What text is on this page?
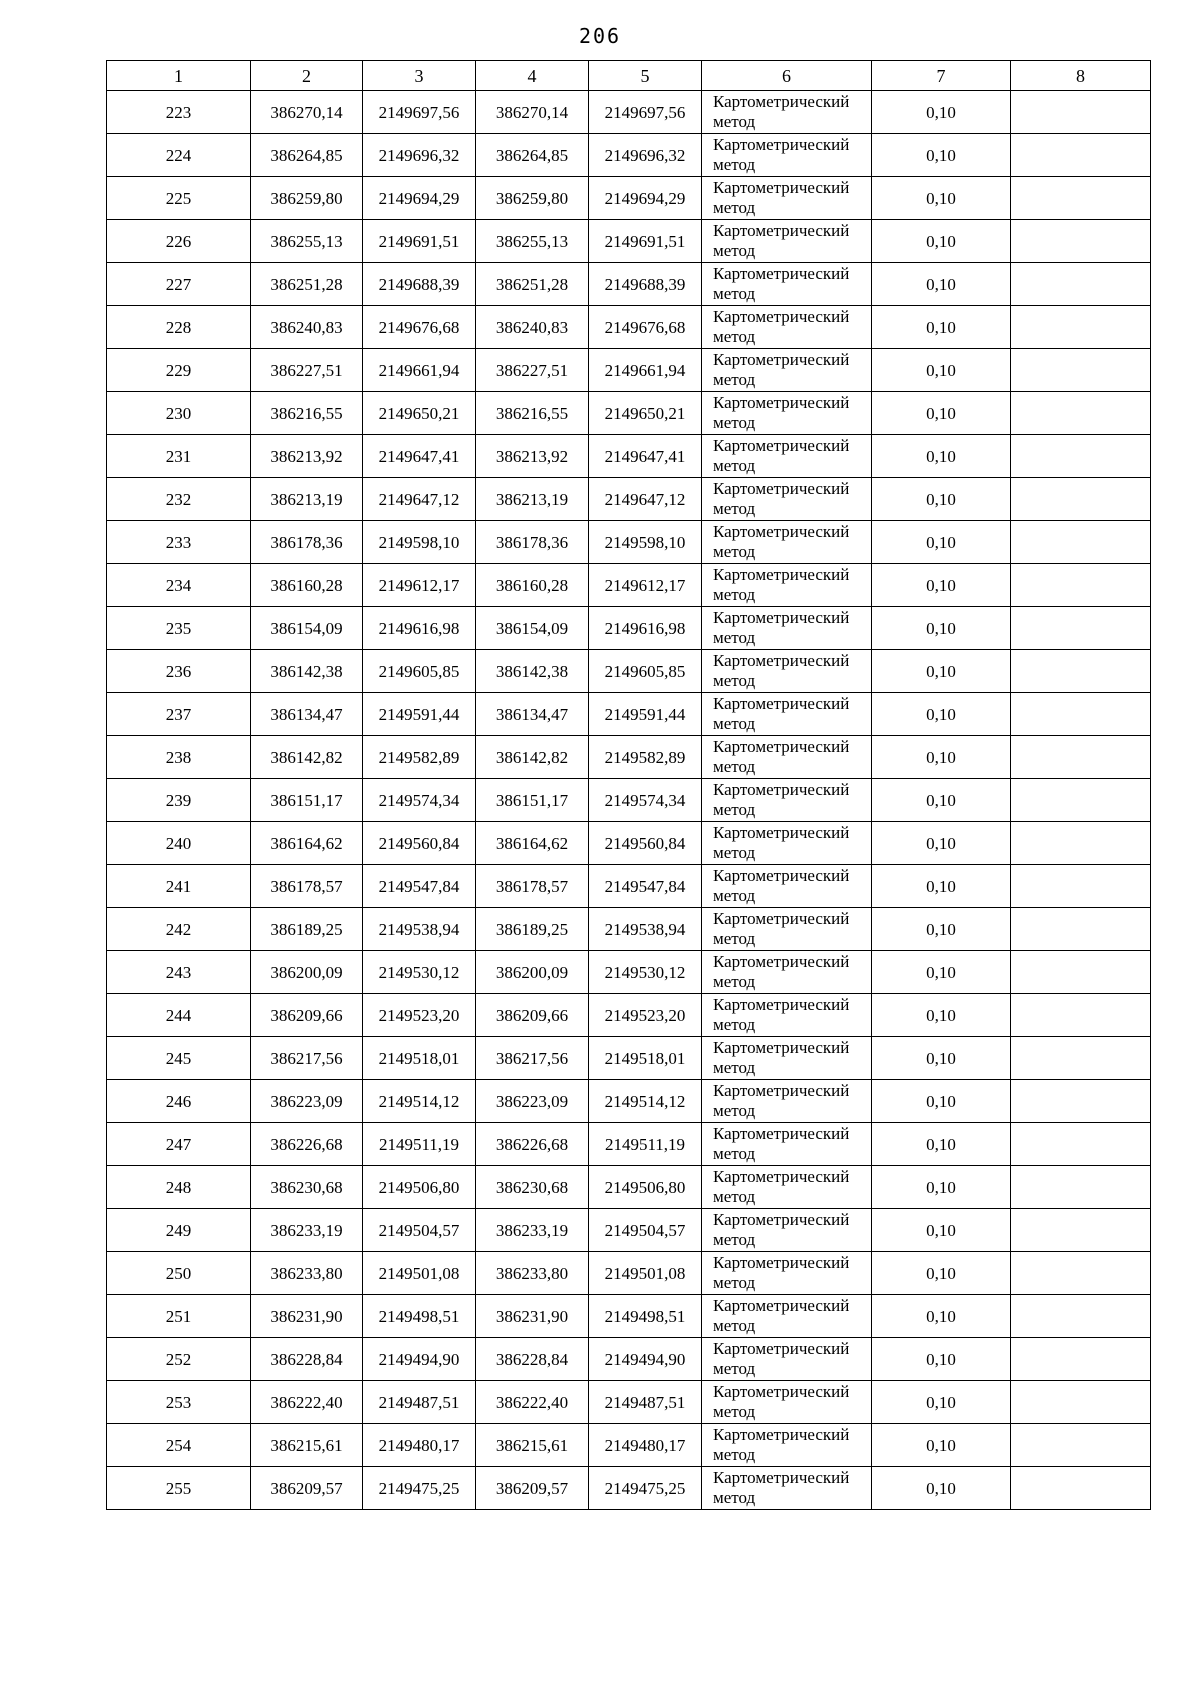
206
1	2	3	4	5	6	7	8
223	386270,14	2149697,56	386270,14	2149697,56	Картометрический метод	0,10	
224	386264,85	2149696,32	386264,85	2149696,32	Картометрический метод	0,10	
225	386259,80	2149694,29	386259,80	2149694,29	Картометрический метод	0,10	
226	386255,13	2149691,51	386255,13	2149691,51	Картометрический метод	0,10	
227	386251,28	2149688,39	386251,28	2149688,39	Картометрический метод	0,10	
228	386240,83	2149676,68	386240,83	2149676,68	Картометрический метод	0,10	
229	386227,51	2149661,94	386227,51	2149661,94	Картометрический метод	0,10	
230	386216,55	2149650,21	386216,55	2149650,21	Картометрический метод	0,10	
231	386213,92	2149647,41	386213,92	2149647,41	Картометрический метод	0,10	
232	386213,19	2149647,12	386213,19	2149647,12	Картометрический метод	0,10	
233	386178,36	2149598,10	386178,36	2149598,10	Картометрический метод	0,10	
234	386160,28	2149612,17	386160,28	2149612,17	Картометрический метод	0,10	
235	386154,09	2149616,98	386154,09	2149616,98	Картометрический метод	0,10	
236	386142,38	2149605,85	386142,38	2149605,85	Картометрический метод	0,10	
237	386134,47	2149591,44	386134,47	2149591,44	Картометрический метод	0,10	
238	386142,82	2149582,89	386142,82	2149582,89	Картометрический метод	0,10	
239	386151,17	2149574,34	386151,17	2149574,34	Картометрический метод	0,10	
240	386164,62	2149560,84	386164,62	2149560,84	Картометрический метод	0,10	
241	386178,57	2149547,84	386178,57	2149547,84	Картометрический метод	0,10	
242	386189,25	2149538,94	386189,25	2149538,94	Картометрический метод	0,10	
243	386200,09	2149530,12	386200,09	2149530,12	Картометрический метод	0,10	
244	386209,66	2149523,20	386209,66	2149523,20	Картометрический метод	0,10	
245	386217,56	2149518,01	386217,56	2149518,01	Картометрический метод	0,10	
246	386223,09	2149514,12	386223,09	2149514,12	Картометрический метод	0,10	
247	386226,68	2149511,19	386226,68	2149511,19	Картометрический метод	0,10	
248	386230,68	2149506,80	386230,68	2149506,80	Картометрический метод	0,10	
249	386233,19	2149504,57	386233,19	2149504,57	Картометрический метод	0,10	
250	386233,80	2149501,08	386233,80	2149501,08	Картометрический метод	0,10	
251	386231,90	2149498,51	386231,90	2149498,51	Картометрический метод	0,10	
252	386228,84	2149494,90	386228,84	2149494,90	Картометрический метод	0,10	
253	386222,40	2149487,51	386222,40	2149487,51	Картометрический метод	0,10	
254	386215,61	2149480,17	386215,61	2149480,17	Картометрический метод	0,10	
255	386209,57	2149475,25	386209,57	2149475,25	Картометрический метод	0,10	
